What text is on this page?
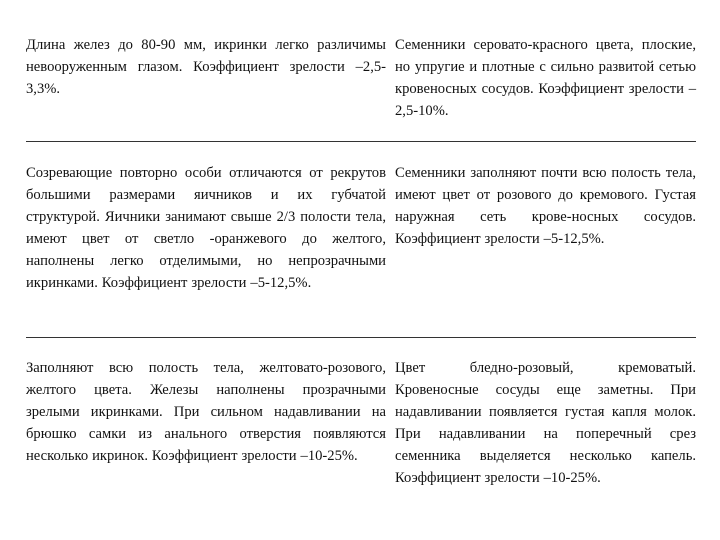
Длина желез до 80-90 мм, икринки легко различимы невооруженным глазом. Коэффициент зрелости –2,5-3,3%.
Семенники серовато-красного цвета, плоские, но упругие и плотные с сильно развитой сетью кровеносных сосудов. Коэффициент зрелости –2,5-10%.
Созревающие повторно особи отличаются от рекрутов большими размерами яичников и их губчатой структурой. Яичники занимают свыше 2/3 полости тела, имеют цвет от светло -оранжевого до желтого, наполнены легко отделимыми, но непрозрачными икринками. Коэффициент зрелости –5-12,5%.
Семенники заполняют почти всю полость тела, имеют цвет от розового до кремового. Густая наружная сеть крове-носных сосудов. Коэффициент зрелости –5-12,5%.
Заполняют всю полость тела, желтовато-розового, желтого цвета. Железы наполнены прозрачными зрелыми икринками. При сильном надавливании на брюшко самки из анального отверстия появляются несколько икринок. Коэффициент зрелости –10-25%.
Цвет бледно-розовый, кремоватый. Кровеносные сосуды еще заметны. При надавливании появляется густая капля молок. При надавливании на поперечный срез семенника выделяется несколько капель. Коэффициент зрелости –10-25%.
